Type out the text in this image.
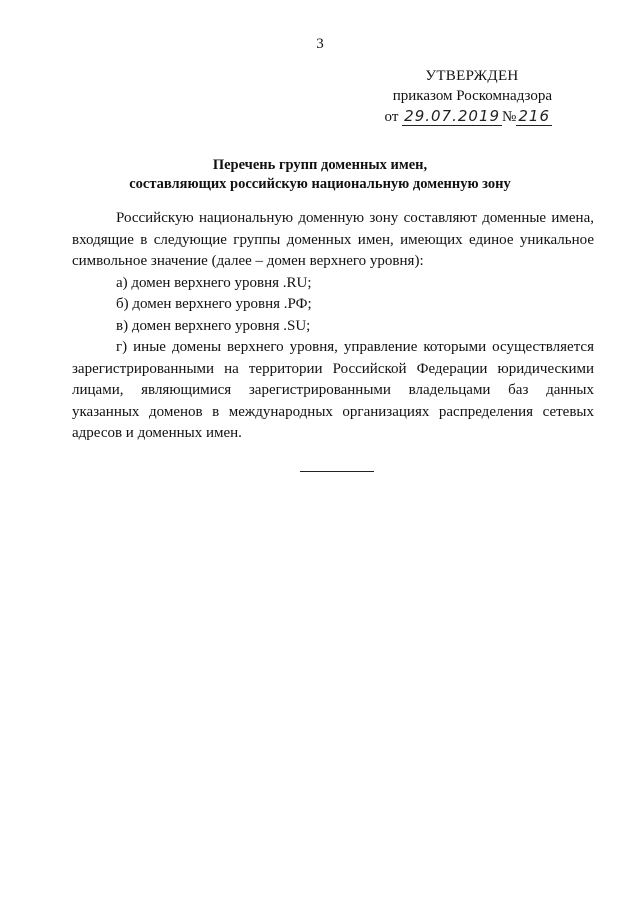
3
УТВЕРЖДЕН
приказом Роскомнадзора
от 29.07.2019 № 216
Перечень групп доменных имен,
составляющих российскую национальную доменную зону

Российскую национальную доменную зону составляют доменные имена, входящие в следующие группы доменных имен, имеющих единое уникальное символьное значение (далее – домен верхнего уровня):

а) домен верхнего уровня .RU;

б) домен верхнего уровня .РФ;

в) домен верхнего уровня .SU;

г) иные домены верхнего уровня, управление которыми осуществляется зарегистрированными на территории Российской Федерации юридическими лицами, являющимися зарегистрированными владельцами баз данных указанных доменов в международных организациях распределения сетевых адресов и доменных имен.
